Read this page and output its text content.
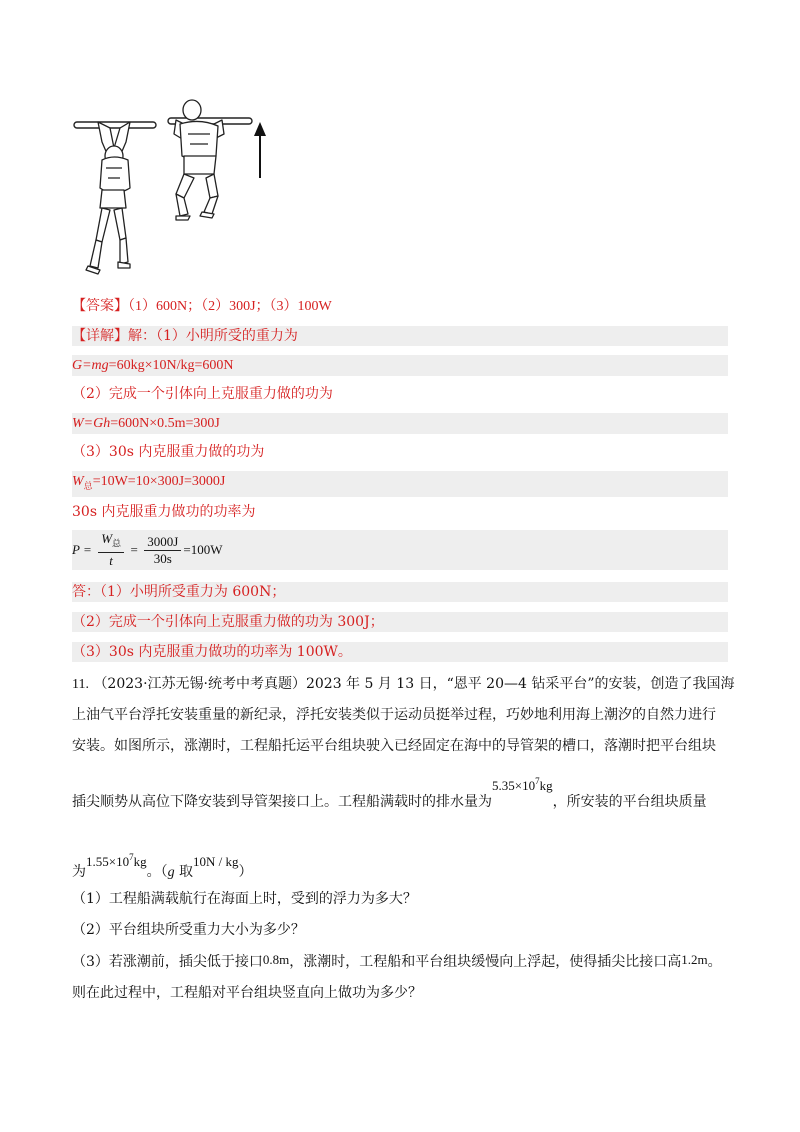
【答案】（1）600N；（2）300J；（3）100W
【详解】解：（1）小明所受的重力为
G=mg=60kg×10N/kg=600N
（2）完成一个引体向上克服重力做的功为
W=Gh=600N×0.5m=300J
（3）30s 内克服重力做的功为
$W_总=10W=10\times 300J=3000J$
30s 内克服重力做功的功率为
$P = \frac{W_总}{t} = \frac{3000J}{30s} =100W$
答：（1）小明所受重力为 600N；
（2）完成一个引体向上克服重力做的功为 300J；
（3）30s 内克服重力做功的功率为 100W。
11. （2023·江苏无锡·统考中考真题）2023 年 5 月 13 日，“恩平 20—4 钻采平台”的安装，创造了我国海
上油气平台浮托安装重量的新纪录，浮托安装类似于运动员挺举过程，巧妙地利用海上潮汐的自然力进行
安装。如图所示，涨潮时，工程船托运平台组块驶入已经固定在海中的导管架的槽口，落潮时把平台组块
插尖顺势从高位下降安装到导管架接口上。工程船满载时的排水量为$5.35\times 10^7kg$，所安装的平台组块质量
为$1.55\times 10^7kg$。（g 取10N / kg）
（1）工程船满载航行在海面上时，受到的浮力为多大？
（2）平台组块所受重力大小为多少？
（3）若涨潮前，插尖低于接口0.8m，涨潮时，工程船和平台组块缓慢向上浮起，使得插尖比接口高1.2m。
则在此过程中，工程船对平台组块竖直向上做功为多少？
